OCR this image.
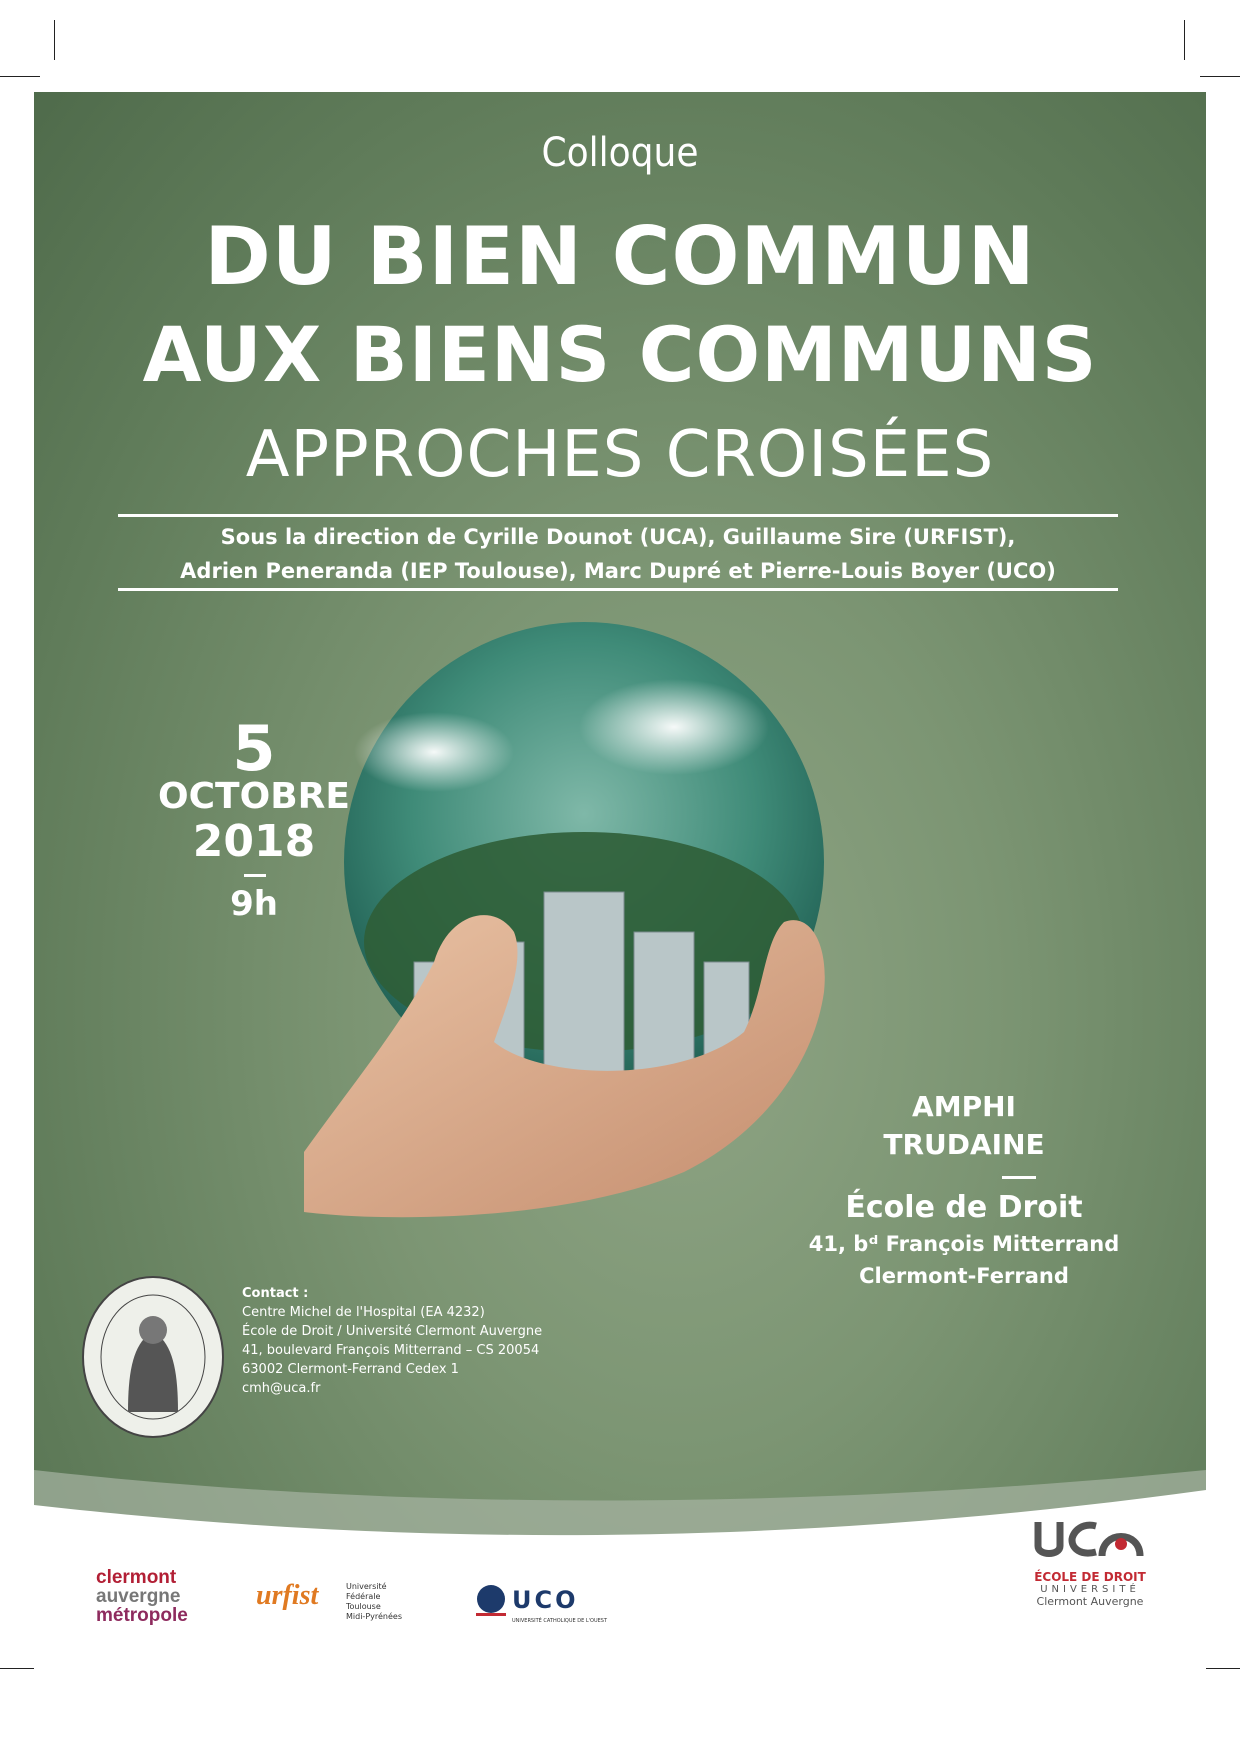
Colloque
DU BIEN COMMUN
AUX BIENS COMMUNS
APPROCHES CROISÉES
Sous la direction de Cyrille Dounot (UCA), Guillaume Sire (URFIST),
Adrien Peneranda (IEP Toulouse), Marc Dupré et Pierre-Louis Boyer (UCO)
5
OCTOBRE
2018
9h
AMPHI
TRUDAINE
École de Droit
41, bᵈ François Mitterrand
Clermont-Ferrand
Contact :
Centre Michel de l'Hospital (EA 4232)
École de Droit / Université Clermont Auvergne
41, boulevard François Mitterrand – CS 20054
63002 Clermont-Ferrand Cedex 1
cmh@uca.fr
clermont
auvergne
métropole
urfist	Université
Fédérale
Toulouse
Midi-Pyrénées
UCO
UNIVERSITÉ CATHOLIQUE DE L'OUEST
ÉCOLE DE DROIT
UNIVERSITÉ
Clermont Auvergne
